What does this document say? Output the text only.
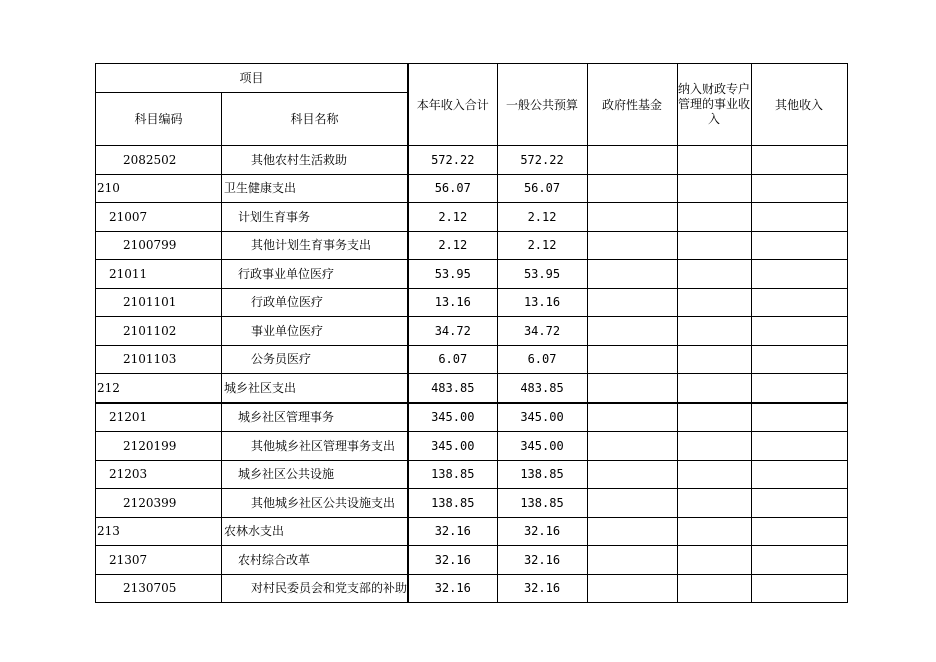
项目		本年收入合计	一般公共预算	政府性基金	纳入财政专户管理的事业收入	其他收入
科目编码	科目名称					
2082502	其他农村生活救助	572.22	572.22			
210	卫生健康支出	56.07	56.07			
21007	计划生育事务	2.12	2.12			
2100799	其他计划生育事务支出	2.12	2.12			
21011	行政事业单位医疗	53.95	53.95			
2101101	行政单位医疗	13.16	13.16			
2101102	事业单位医疗	34.72	34.72			
2101103	公务员医疗	6.07	6.07			
212	城乡社区支出	483.85	483.85			
21201	城乡社区管理事务	345.00	345.00			
2120199	其他城乡社区管理事务支出	345.00	345.00			
21203	城乡社区公共设施	138.85	138.85			
2120399	其他城乡社区公共设施支出	138.85	138.85			
213	农林水支出	32.16	32.16			
21307	农村综合改革	32.16	32.16			
2130705	对村民委员会和党支部的补助	32.16	32.16			
